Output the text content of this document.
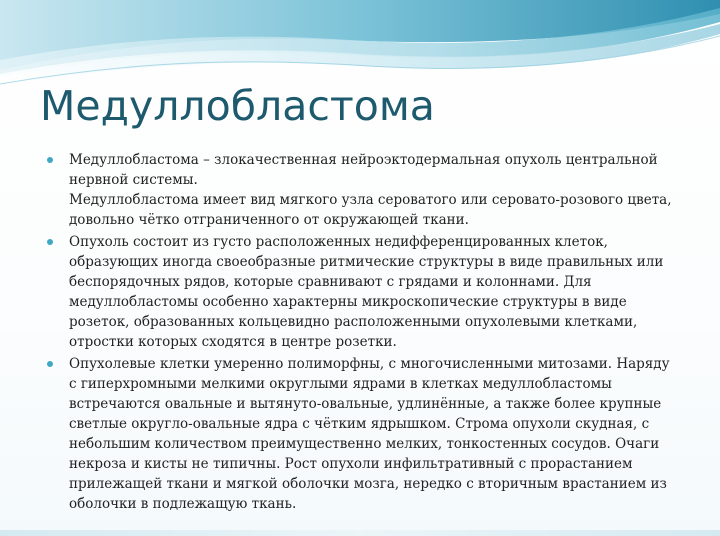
Медуллобластома
Медуллобластома – злокачественная нейроэктодермальная опухоль центральной
нервной системы.
Медуллобластома имеет вид мягкого узла сероватого или серовато-розового цвета,
довольно чётко отграниченного от окружающей ткани.
Опухоль состоит из густо расположенных недифференцированных клеток,
образующих иногда своеобразные ритмические структуры в виде правильных или
беспорядочных рядов, которые сравнивают с грядами и колоннами. Для
медуллобластомы особенно характерны микроскопические структуры в виде
розеток, образованных кольцевидно расположенными опухолевыми клетками,
отростки которых сходятся в центре розетки.
Опухолевые клетки умеренно полиморфны, с многочисленными митозами. Наряду
с гиперхромными мелкими округлыми ядрами в клетках медуллобластомы
встречаются овальные и вытянуто-овальные, удлинённые, а также более крупные
светлые округло-овальные ядра с чётким ядрышком. Строма опухоли скудная, с
небольшим количеством преимущественно мелких, тонкостенных сосудов. Очаги
некроза и кисты не типичны. Рост опухоли инфильтративный с прорастанием
прилежащей ткани и мягкой оболочки мозга, нередко с вторичным врастанием из
оболочки в подлежащую ткань.
